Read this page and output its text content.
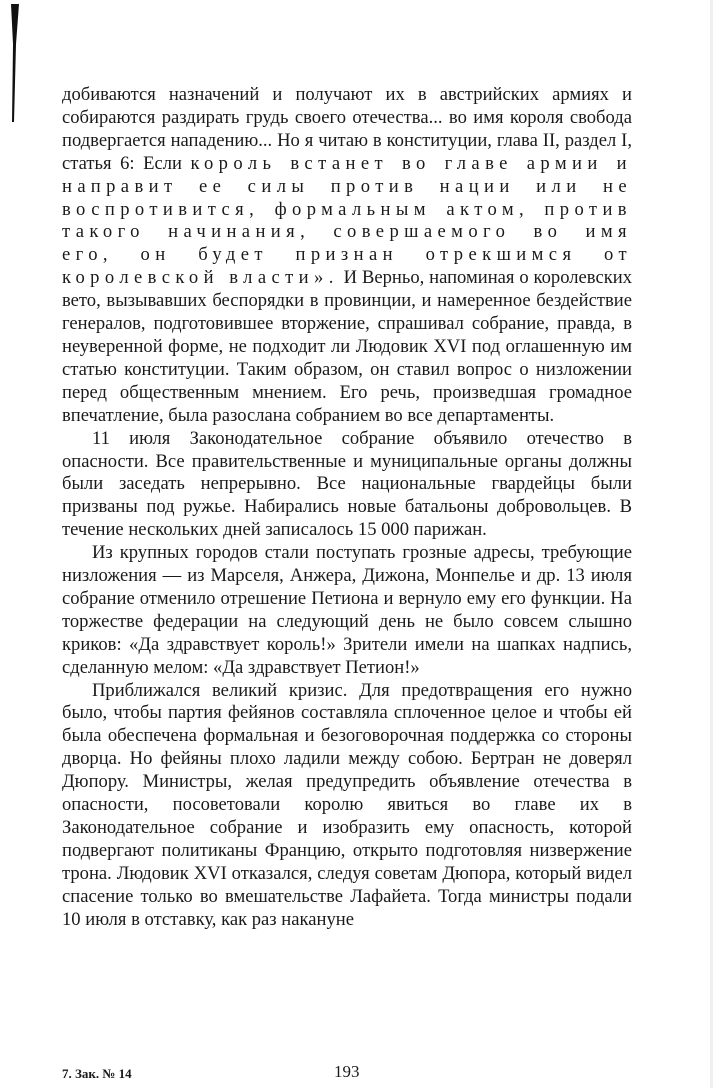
добиваются назначений и получают их в австрийских армиях и собираются раздирать грудь своего отечества... во имя короля свобода подвергается нападению... Но я читаю в конституции, глава II, раздел I, статья 6: Если король встанет во главе армии и направит ее силы против нации или не воспротивится, формальным актом, против такого начинания, совершаемого во имя его, он будет признан отрекшимся от королевской власти». И Верньо, напоминая о королевских вето, вызывавших беспорядки в провинции, и намеренное бездействие генералов, подготовившее вторжение, спрашивал собрание, правда, в неуверенной форме, не подходит ли Людовик XVI под оглашенную им статью конституции. Таким образом, он ставил вопрос о низложении перед общественным мнением. Его речь, произведшая громадное впечатление, была разослана собранием во все департаменты.

11 июля Законодательное собрание объявило отечество в опасности. Все правительственные и муниципальные органы должны были заседать непрерывно. Все национальные гвардейцы были призваны под ружье. Набирались новые батальоны добровольцев. В течение нескольких дней записалось 15 000 парижан.

Из крупных городов стали поступать грозные адресы, требующие низложения — из Марселя, Анжера, Дижона, Монпелье и др. 13 июля собрание отменило отрешение Петиона и вернуло ему его функции. На торжестве федерации на следующий день не было совсем слышно криков: «Да здравствует король!» Зрители имели на шапках надпись, сделанную мелом: «Да здравствует Петион!»

Приближался великий кризис. Для предотвращения его нужно было, чтобы партия фейянов составляла сплоченное целое и чтобы ей была обеспечена формальная и безоговорочная поддержка со стороны дворца. Но фейяны плохо ладили между собою. Бертран не доверял Дюпору. Министры, желая предупредить объявление отечества в опасности, посоветовали королю явиться во главе их в Законодательное собрание и изобразить ему опасность, которой подвергают политиканы Францию, открыто подготовляя низвержение трона. Людовик XVI отказался, следуя советам Дюпора, который видел спасение только во вмешательстве Лафайета. Тогда министры подали 10 июля в отставку, как раз накануне

7. Зак. № 14	193
